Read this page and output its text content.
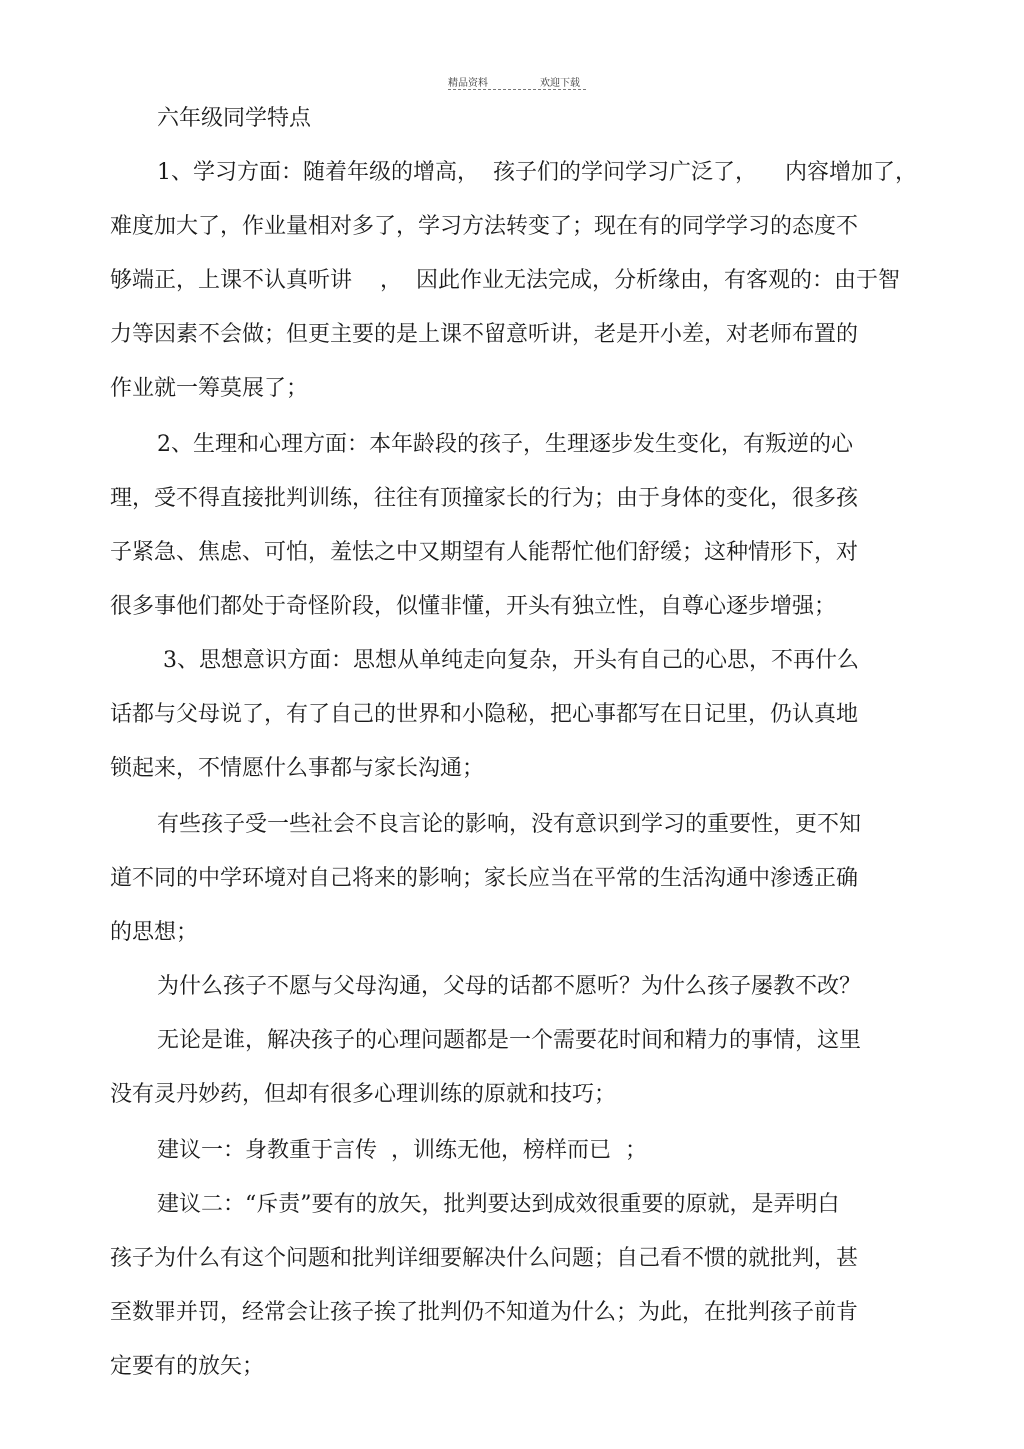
精品资料	欢迎下载
六年级同学特点
1、学习方面：随着年级的增高，  孩子们的学问学习广泛了，    内容增加了，
难度加大了，作业量相对多了，学习方法转变了；现在有的同学学习的态度不
够端正，上课不认真听讲    ，  因此作业无法完成，分析缘由，有客观的：由于智
力等因素不会做；但更主要的是上课不留意听讲，老是开小差，对老师布置的
作业就一筹莫展了；
2、生理和心理方面：本年龄段的孩子，生理逐步发生变化，有叛逆的心
理，受不得直接批判训练，往往有顶撞家长的行为；由于身体的变化，很多孩
子紧急、焦虑、可怕，羞怯之中又期望有人能帮忙他们舒缓；这种情形下，对
很多事他们都处于奇怪阶段，似懂非懂，开头有独立性，自尊心逐步增强；
3、思想意识方面：思想从单纯走向复杂，开头有自己的心思，不再什么
话都与父母说了，有了自己的世界和小隐秘，把心事都写在日记里，仍认真地
锁起来，不情愿什么事都与家长沟通；
有些孩子受一些社会不良言论的影响，没有意识到学习的重要性，更不知
道不同的中学环境对自己将来的影响；家长应当在平常的生活沟通中渗透正确
的思想；
为什么孩子不愿与父母沟通，父母的话都不愿听？为什么孩子屡教不改？
无论是谁，解决孩子的心理问题都是一个需要花时间和精力的事情，这里
没有灵丹妙药，但却有很多心理训练的原就和技巧；
建议一：身教重于言传  ，训练无他，榜样而已  ；
建议二：“斥责”要有的放矢，批判要达到成效很重要的原就，是弄明白
孩子为什么有这个问题和批判详细要解决什么问题；自己看不惯的就批判，甚
至数罪并罚，经常会让孩子挨了批判仍不知道为什么；为此，在批判孩子前肯
定要有的放矢；
